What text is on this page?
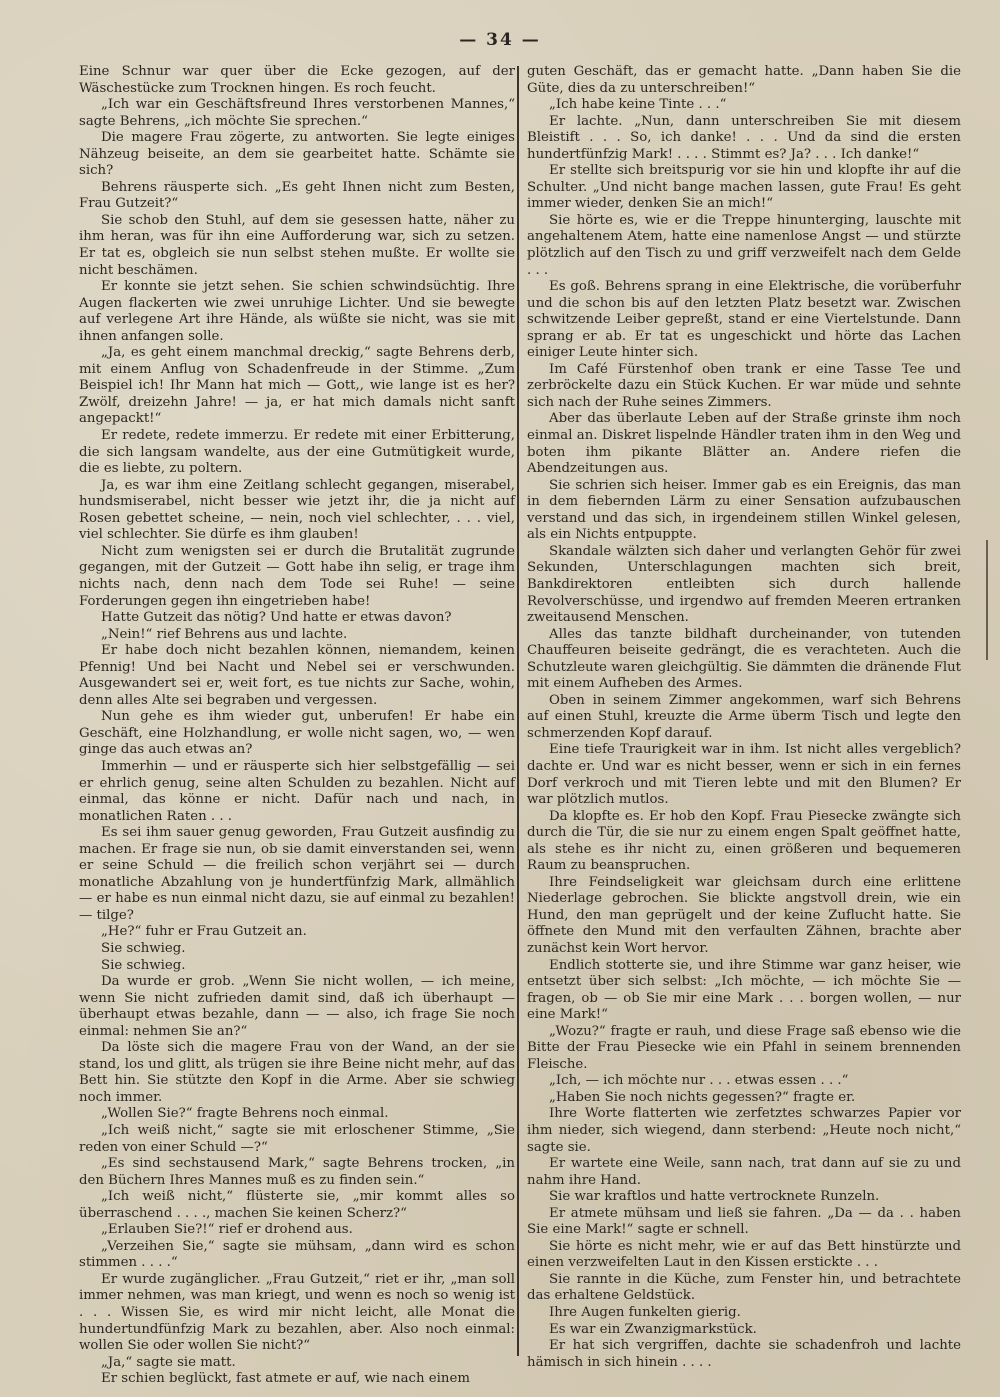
— 34 —

Eine Schnur war quer über die Ecke gezogen, auf der Wäschestücke zum Trocknen hingen. Es roch feucht.

„Ich war ein Geschäftsfreund Ihres verstorbenen Mannes,“ sagte Behrens, „ich möchte Sie sprechen.“

Die magere Frau zögerte, zu antworten. Sie legte einiges Nähzeug beiseite, an dem sie gearbeitet hatte. Schämte sie sich?

Behrens räusperte sich. „Es geht Ihnen nicht zum Besten, Frau Gutzeit?“

Sie schob den Stuhl, auf dem sie gesessen hatte, näher zu ihm heran, was für ihn eine Aufforderung war, sich zu setzen. Er tat es, obgleich sie nun selbst stehen mußte. Er wollte sie nicht beschämen.

Er konnte sie jetzt sehen. Sie schien schwindsüchtig. Ihre Augen flackerten wie zwei unruhige Lichter. Und sie bewegte auf verlegene Art ihre Hände, als wüßte sie nicht, was sie mit ihnen anfangen solle.

„Ja, es geht einem manchmal dreckig,“ sagte Behrens derb, mit einem Anflug von Schadenfreude in der Stimme. „Zum Beispiel ich! Ihr Mann hat mich — Gott,, wie lange ist es her? Zwölf, dreizehn Jahre! — ja, er hat mich damals nicht sanft angepackt!“

Er redete, redete immerzu. Er redete mit einer Erbitterung, die sich langsam wandelte, aus der eine Gutmütigkeit wurde, die es liebte, zu poltern.

Ja, es war ihm eine Zeitlang schlecht gegangen, miserabel, hundsmiserabel, nicht besser wie jetzt ihr, die ja nicht auf Rosen gebettet scheine, — nein, noch viel schlechter, . . . viel, viel schlechter. Sie dürfe es ihm glauben!

Nicht zum wenigsten sei er durch die Brutalität zugrunde gegangen, mit der Gutzeit — Gott habe ihn selig, er trage ihm nichts nach, denn nach dem Tode sei Ruhe! — seine Forderungen gegen ihn eingetrieben habe!

Hatte Gutzeit das nötig? Und hatte er etwas davon?

„Nein!“ rief Behrens aus und lachte.

Er habe doch nicht bezahlen können, niemandem, keinen Pfennig! Und bei Nacht und Nebel sei er verschwunden. Ausgewandert sei er, weit fort, es tue nichts zur Sache, wohin, denn alles Alte sei begraben und vergessen.

Nun gehe es ihm wieder gut, unberufen! Er habe ein Geschäft, eine Holzhandlung, er wolle nicht sagen, wo, — wen ginge das auch etwas an?

Immerhin — und er räusperte sich hier selbstgefällig — sei er ehrlich genug, seine alten Schulden zu bezahlen. Nicht auf einmal, das könne er nicht. Dafür nach und nach, in monatlichen Raten . . .

Es sei ihm sauer genug geworden, Frau Gutzeit ausfindig zu machen. Er frage sie nun, ob sie damit einverstanden sei, wenn er seine Schuld — die freilich schon verjährt sei — durch monatliche Abzahlung von je hundertfünfzig Mark, allmählich — er habe es nun einmal nicht dazu, sie auf einmal zu bezahlen! — tilge?

„He?“ fuhr er Frau Gutzeit an.

Sie schwieg.

Sie schwieg.

Da wurde er grob. „Wenn Sie nicht wollen, — ich meine, wenn Sie nicht zufrieden damit sind, daß ich überhaupt — überhaupt etwas bezahle, dann — — also, ich frage Sie noch einmal: nehmen Sie an?“

Da löste sich die magere Frau von der Wand, an der sie stand, los und glitt, als trügen sie ihre Beine nicht mehr, auf das Bett hin. Sie stützte den Kopf in die Arme. Aber sie schwieg noch immer.

„Wollen Sie?“ fragte Behrens noch einmal.

„Ich weiß nicht,“ sagte sie mit erloschener Stimme, „Sie reden von einer Schuld —?“

„Es sind sechstausend Mark,“ sagte Behrens trocken, „in den Büchern Ihres Mannes muß es zu finden sein.“

„Ich weiß nicht,“ flüsterte sie, „mir kommt alles so überraschend . . . ., machen Sie keinen Scherz?“

„Erlauben Sie?!“ rief er drohend aus.

„Verzeihen Sie,“ sagte sie mühsam, „dann wird es schon stimmen . . . .“

Er wurde zugänglicher. „Frau Gutzeit,“ riet er ihr, „man soll immer nehmen, was man kriegt, und wenn es noch so wenig ist . . . Wissen Sie, es wird mir nicht leicht, alle Monat die hundertundfünfzig Mark zu bezahlen, aber. Also noch einmal: wollen Sie oder wollen Sie nicht?“

„Ja,“ sagte sie matt.

Er schien beglückt, fast atmete er auf, wie nach einem

guten Geschäft, das er gemacht hatte. „Dann haben Sie die Güte, dies da zu unterschreiben!“

„Ich habe keine Tinte . . .“

Er lachte. „Nun, dann unterschreiben Sie mit diesem Bleistift . . . So, ich danke! . . . Und da sind die ersten hundertfünfzig Mark! . . . . Stimmt es? Ja? . . . Ich danke!“

Er stellte sich breitspurig vor sie hin und klopfte ihr auf die Schulter. „Und nicht bange machen lassen, gute Frau! Es geht immer wieder, denken Sie an mich!“

Sie hörte es, wie er die Treppe hinunterging, lauschte mit angehaltenem Atem, hatte eine namenlose Angst — und stürzte plötzlich auf den Tisch zu und griff verzweifelt nach dem Gelde . . .

Es goß. Behrens sprang in eine Elektrische, die vorüberfuhr und die schon bis auf den letzten Platz besetzt war. Zwischen schwitzende Leiber gepreßt, stand er eine Viertelstunde. Dann sprang er ab. Er tat es ungeschickt und hörte das Lachen einiger Leute hinter sich.

Im Café Fürstenhof oben trank er eine Tasse Tee und zerbröckelte dazu ein Stück Kuchen. Er war müde und sehnte sich nach der Ruhe seines Zimmers.

Aber das überlaute Leben auf der Straße grinste ihm noch einmal an. Diskret lispelnde Händler traten ihm in den Weg und boten ihm pikante Blätter an. Andere riefen die Abendzeitungen aus.

Sie schrien sich heiser. Immer gab es ein Ereignis, das man in dem fiebernden Lärm zu einer Sensation aufzubauschen verstand und das sich, in irgendeinem stillen Winkel gelesen, als ein Nichts entpuppte.

Skandale wälzten sich daher und verlangten Gehör für zwei Sekunden, Unterschlagungen machten sich breit, Bankdirektoren entleibten sich durch hallende Revolverschüsse, und irgendwo auf fremden Meeren ertranken zweitausend Menschen.

Alles das tanzte bildhaft durcheinander, von tutenden Chauffeuren beiseite gedrängt, die es verachteten. Auch die Schutzleute waren gleichgültig. Sie dämmten die dränende Flut mit einem Aufheben des Armes.

Oben in seinem Zimmer angekommen, warf sich Behrens auf einen Stuhl, kreuzte die Arme überm Tisch und legte den schmerzenden Kopf darauf.

Eine tiefe Traurigkeit war in ihm. Ist nicht alles vergeblich? dachte er. Und war es nicht besser, wenn er sich in ein fernes Dorf verkroch und mit Tieren lebte und mit den Blumen? Er war plötzlich mutlos.

Da klopfte es. Er hob den Kopf. Frau Piesecke zwängte sich durch die Tür, die sie nur zu einem engen Spalt geöffnet hatte, als stehe es ihr nicht zu, einen größeren und bequemeren Raum zu beanspruchen.

Ihre Feindseligkeit war gleichsam durch eine erlittene Niederlage gebrochen. Sie blickte angstvoll drein, wie ein Hund, den man geprügelt und der keine Zuflucht hatte. Sie öffnete den Mund mit den verfaulten Zähnen, brachte aber zunächst kein Wort hervor.

Endlich stotterte sie, und ihre Stimme war ganz heiser, wie entsetzt über sich selbst: „Ich möchte, — ich möchte Sie — fragen, ob — ob Sie mir eine Mark . . . borgen wollen, — nur eine Mark!“

„Wozu?“ fragte er rauh, und diese Frage saß ebenso wie die Bitte der Frau Piesecke wie ein Pfahl in seinem brennenden Fleische.

„Ich, — ich möchte nur . . . etwas essen . . .“

„Haben Sie noch nichts gegessen?“ fragte er.

Ihre Worte flatterten wie zerfetztes schwarzes Papier vor ihm nieder, sich wiegend, dann sterbend: „Heute noch nicht,“ sagte sie.

Er wartete eine Weile, sann nach, trat dann auf sie zu und nahm ihre Hand.

Sie war kraftlos und hatte vertrocknete Runzeln.

Er atmete mühsam und ließ sie fahren. „Da — da . . haben Sie eine Mark!“ sagte er schnell.

Sie hörte es nicht mehr, wie er auf das Bett hinstürzte und einen verzweifelten Laut in den Kissen erstickte . . .

Sie rannte in die Küche, zum Fenster hin, und betrachtete das erhaltene Geldstück.

Ihre Augen funkelten gierig.

Es war ein Zwanzigmarkstück.

Er hat sich vergriffen, dachte sie schadenfroh und lachte hämisch in sich hinein . . . .
